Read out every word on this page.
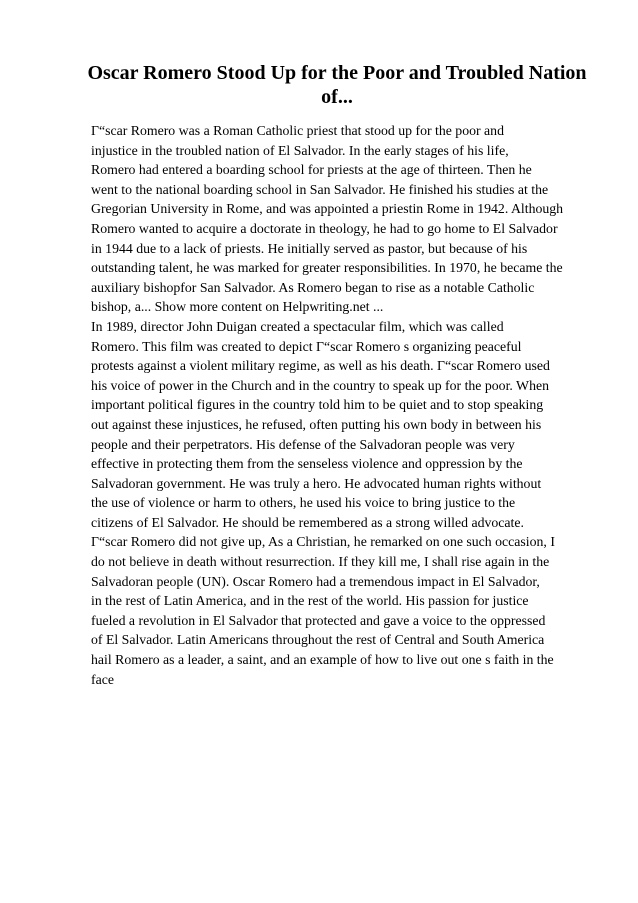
Oscar Romero Stood Up for the Poor and Troubled Nation of...
Г“scar Romero was a Roman Catholic priest that stood up for the poor and
injustice in the troubled nation of El Salvador. In the early stages of his life,
Romero had entered a boarding school for priests at the age of thirteen. Then he
went to the national boarding school in San Salvador. He finished his studies at the
Gregorian University in Rome, and was appointed a priestin Rome in 1942. Although
Romero wanted to acquire a doctorate in theology, he had to go home to El Salvador
in 1944 due to a lack of priests. He initially served as pastor, but because of his
outstanding talent, he was marked for greater responsibilities. In 1970, he became the
auxiliary bishopfor San Salvador. As Romero began to rise as a notable Catholic
bishop, a... Show more content on Helpwriting.net ...
In 1989, director John Duigan created a spectacular film, which was called
Romero. This film was created to depict Г“scar Romero s organizing peaceful
protests against a violent military regime, as well as his death. Г“scar Romero used
his voice of power in the Church and in the country to speak up for the poor. When
important political figures in the country told him to be quiet and to stop speaking
out against these injustices, he refused, often putting his own body in between his
people and their perpetrators. His defense of the Salvadoran people was very
effective in protecting them from the senseless violence and oppression by the
Salvadoran government. He was truly a hero. He advocated human rights without
the use of violence or harm to others, he used his voice to bring justice to the
citizens of El Salvador. He should be remembered as a strong willed advocate.
Г“scar Romero did not give up, As a Christian, he remarked on one such occasion, I
do not believe in death without resurrection. If they kill me, I shall rise again in the
Salvadoran people (UN). Oscar Romero had a tremendous impact in El Salvador,
in the rest of Latin America, and in the rest of the world. His passion for justice
fueled a revolution in El Salvador that protected and gave a voice to the oppressed
of El Salvador. Latin Americans throughout the rest of Central and South America
hail Romero as a leader, a saint, and an example of how to live out one s faith in the
face
